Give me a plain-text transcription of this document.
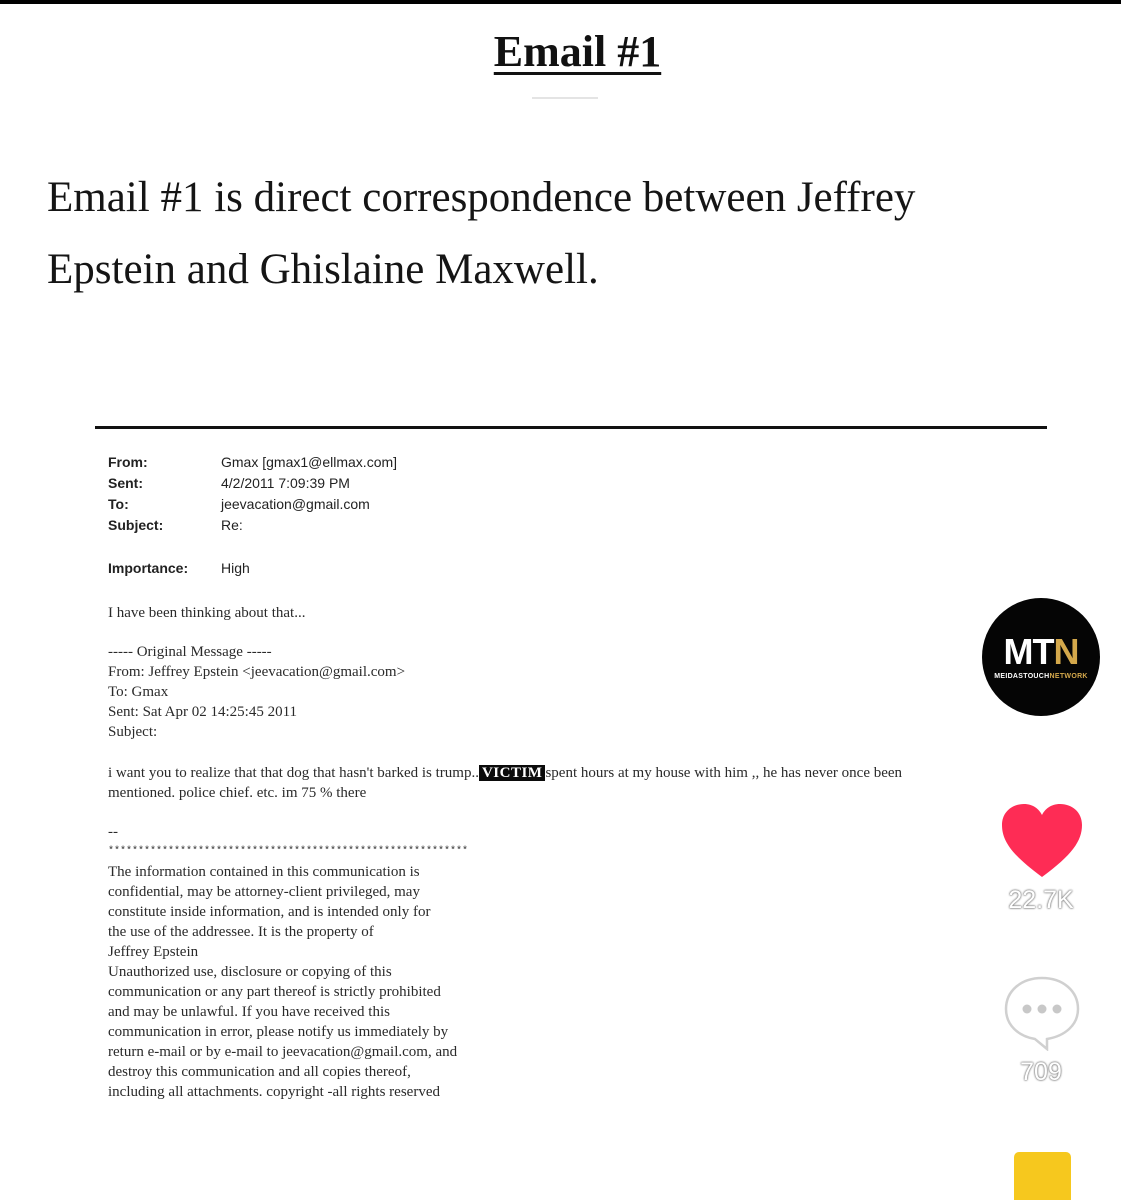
Email #1
Email #1 is direct correspondence between Jeffrey
Epstein and Ghislaine Maxwell.
From:	Gmax [gmax1@ellmax.com]
Sent:	4/2/2011 7:09:39 PM
To:	jeevacation@gmail.com
Subject:	Re:
Importance:	High
I have been thinking about that...
----- Original Message -----
From: Jeffrey Epstein <jeevacation@gmail.com>
To: Gmax
Sent: Sat Apr 02 14:25:45 2011
Subject:
i want you to realize that that dog that hasn't barked is trump.. VICTIM spent hours at my house with him ,, he has never once been
mentioned. police chief. etc. im 75 % there
--
************************************************************
The information contained in this communication is
confidential, may be attorney-client privileged, may
constitute inside information, and is intended only for
the use of the addressee. It is the property of
Jeffrey Epstein
Unauthorized use, disclosure or copying of this
communication or any part thereof is strictly prohibited
and may be unlawful. If you have received this
communication in error, please notify us immediately by
return e-mail or by e-mail to jeevacation@gmail.com, and
destroy this communication and all copies thereof,
including all attachments. copyright -all rights reserved
MTN
MEIDASTOUCHNETWORK
22.7K
709
